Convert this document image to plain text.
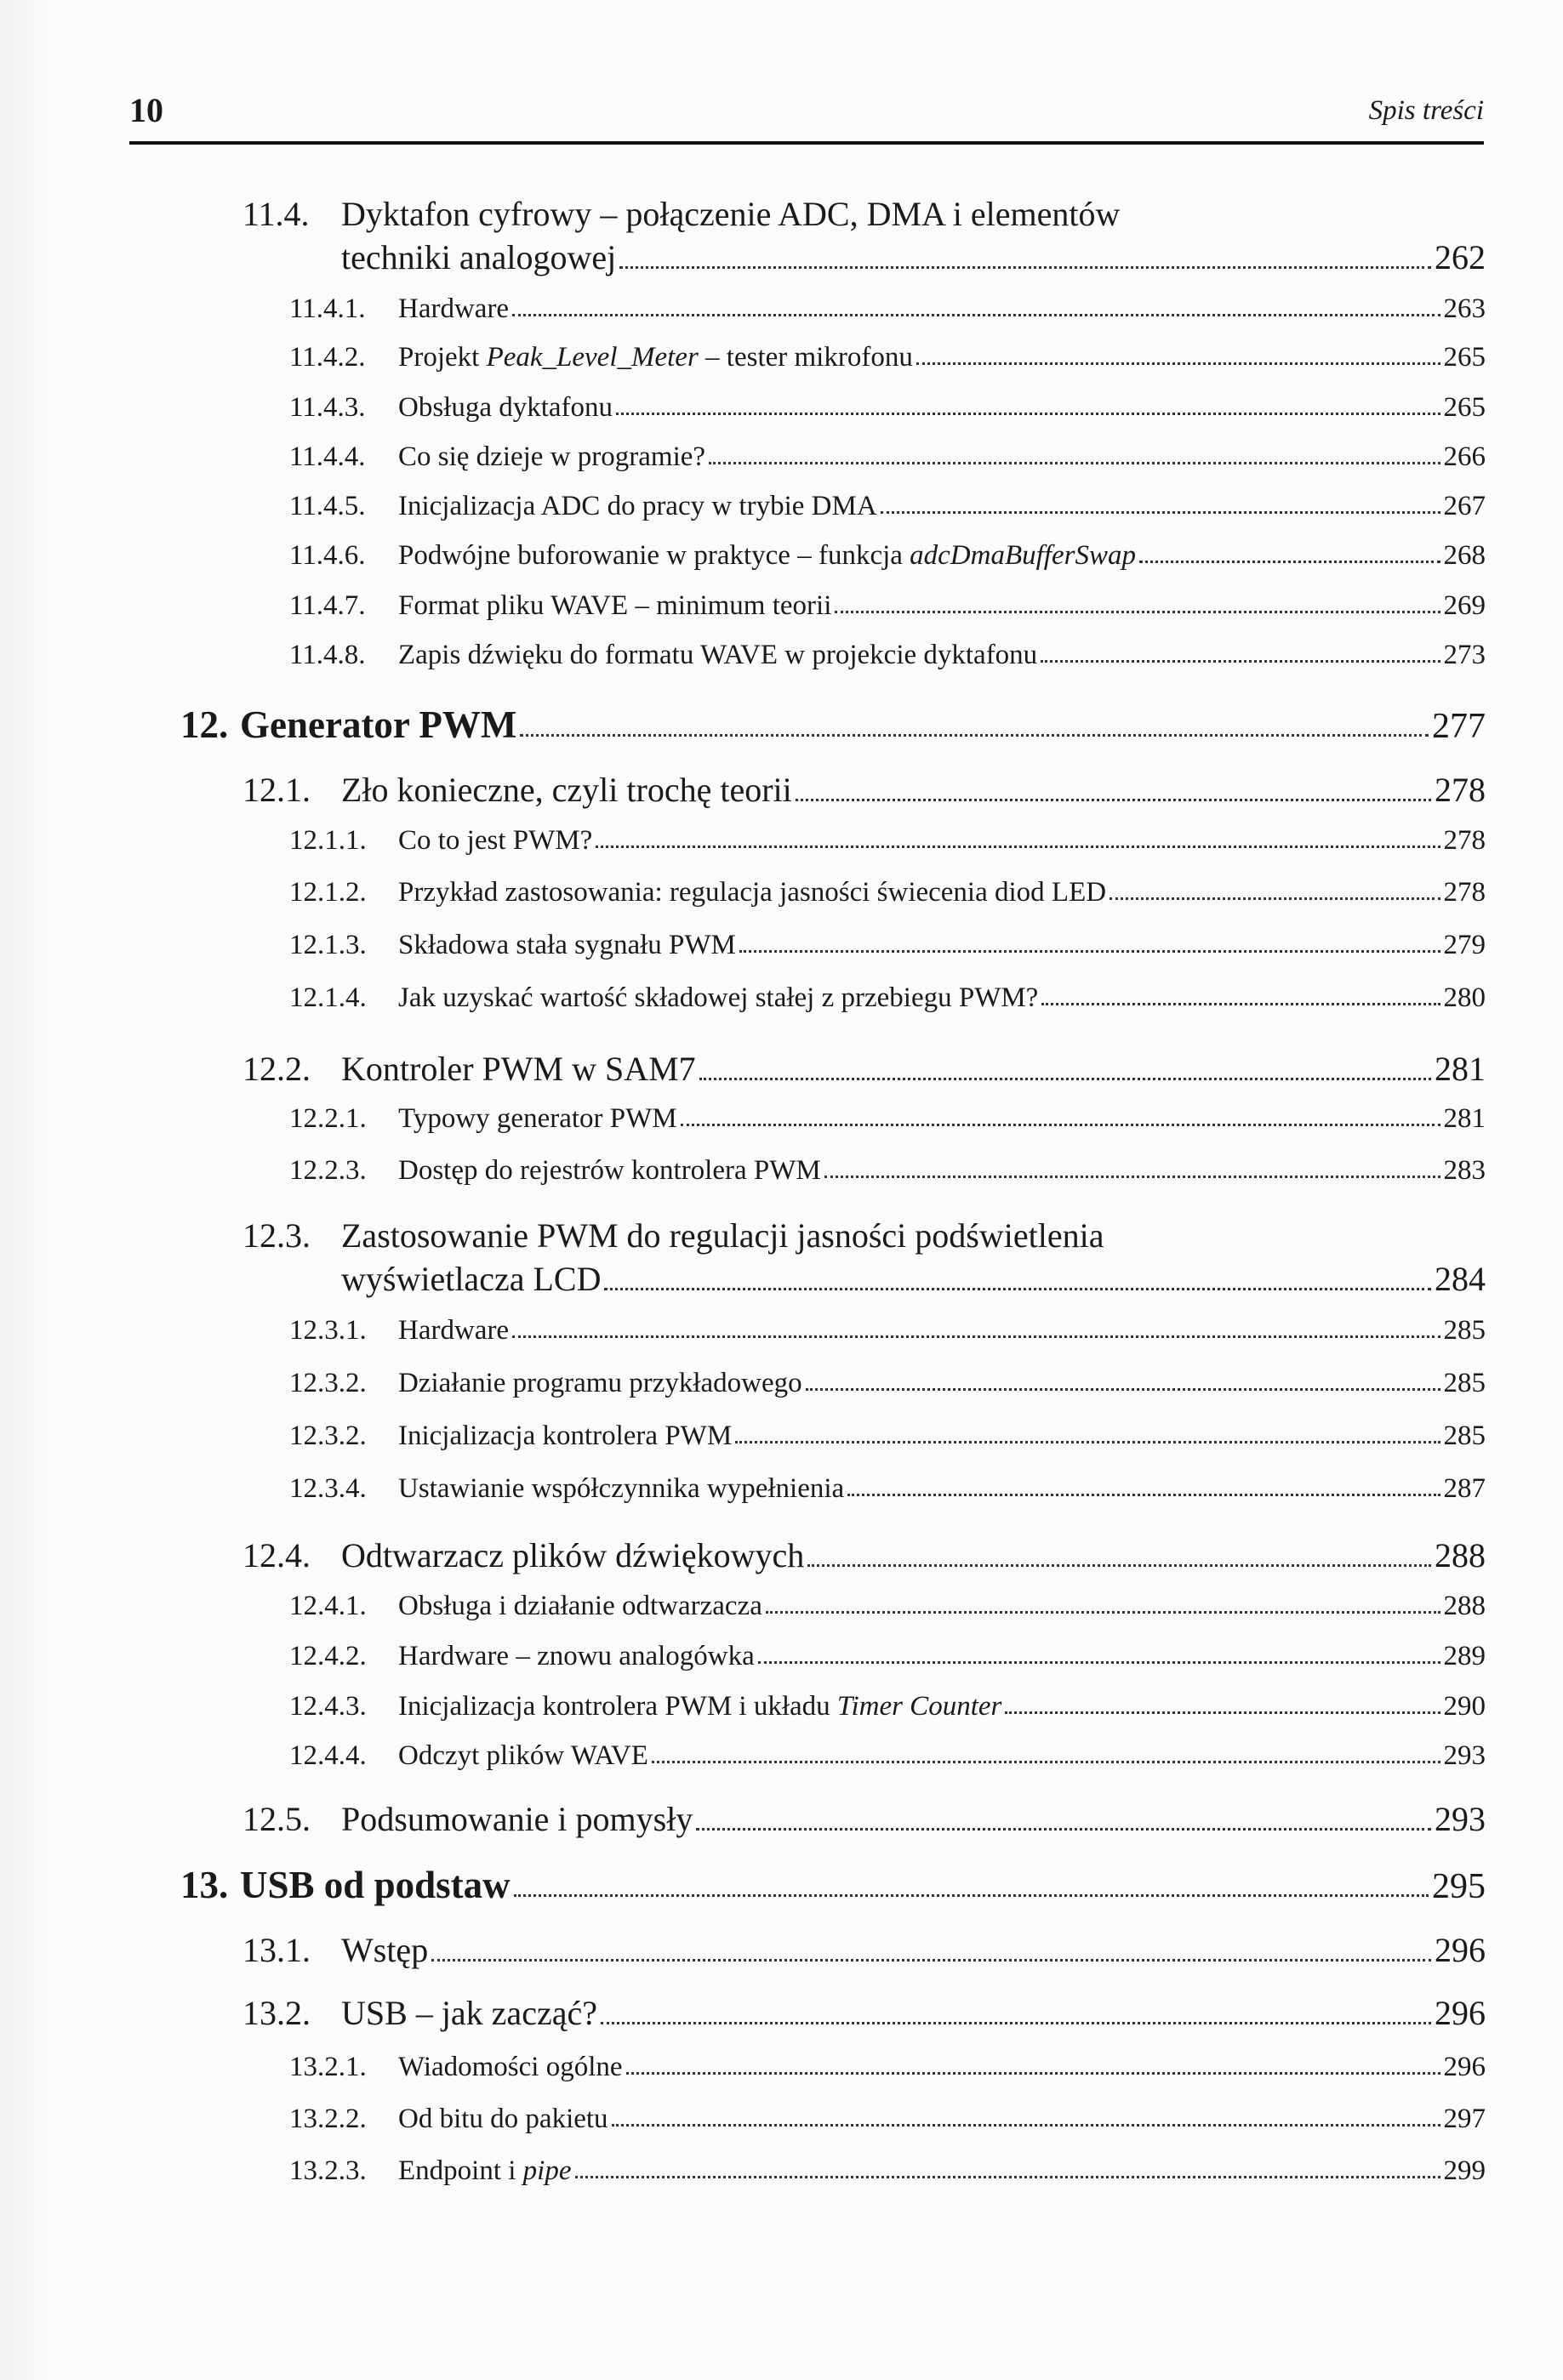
10	Spis treści
11.4. Dyktafon cyfrowy – połączenie ADC, DMA i elementów
techniki analogowej	262
11.4.1.	Hardware	263
11.4.2.	Projekt Peak_Level_Meter – tester mikrofonu	265
11.4.3.	Obsługa dyktafonu	265
11.4.4.	Co się dzieje w programie?	266
11.4.5.	Inicjalizacja ADC do pracy w trybie DMA	267
11.4.6.	Podwójne buforowanie w praktyce – funkcja adcDmaBufferSwap	268
11.4.7.	Format pliku WAVE – minimum teorii	269
11.4.8.	Zapis dźwięku do formatu WAVE w projekcie dyktafonu	273
12. Generator PWM	277
12.1. Zło konieczne, czyli trochę teorii	278
12.1.1.	Co to jest PWM?	278
12.1.2.	Przykład zastosowania: regulacja jasności świecenia diod LED	278
12.1.3.	Składowa stała sygnału PWM	279
12.1.4.	Jak uzyskać wartość składowej stałej z przebiegu PWM?	280
12.2. Kontroler PWM w SAM7	281
12.2.1.	Typowy generator PWM	281
12.2.3.	Dostęp do rejestrów kontrolera PWM	283
12.3. Zastosowanie PWM do regulacji jasności podświetlenia
wyświetlacza LCD	284
12.3.1.	Hardware	285
12.3.2.	Działanie programu przykładowego	285
12.3.2.	Inicjalizacja kontrolera PWM	285
12.3.4.	Ustawianie współczynnika wypełnienia	287
12.4. Odtwarzacz plików dźwiękowych	288
12.4.1.	Obsługa i działanie odtwarzacza	288
12.4.2.	Hardware – znowu analogówka	289
12.4.3.	Inicjalizacja kontrolera PWM i układu Timer Counter	290
12.4.4.	Odczyt plików WAVE	293
12.5. Podsumowanie i pomysły	293
13. USB od podstaw	295
13.1. Wstęp	296
13.2. USB – jak zacząć?	296
13.2.1.	Wiadomości ogólne	296
13.2.2.	Od bitu do pakietu	297
13.2.3.	Endpoint i pipe	299
